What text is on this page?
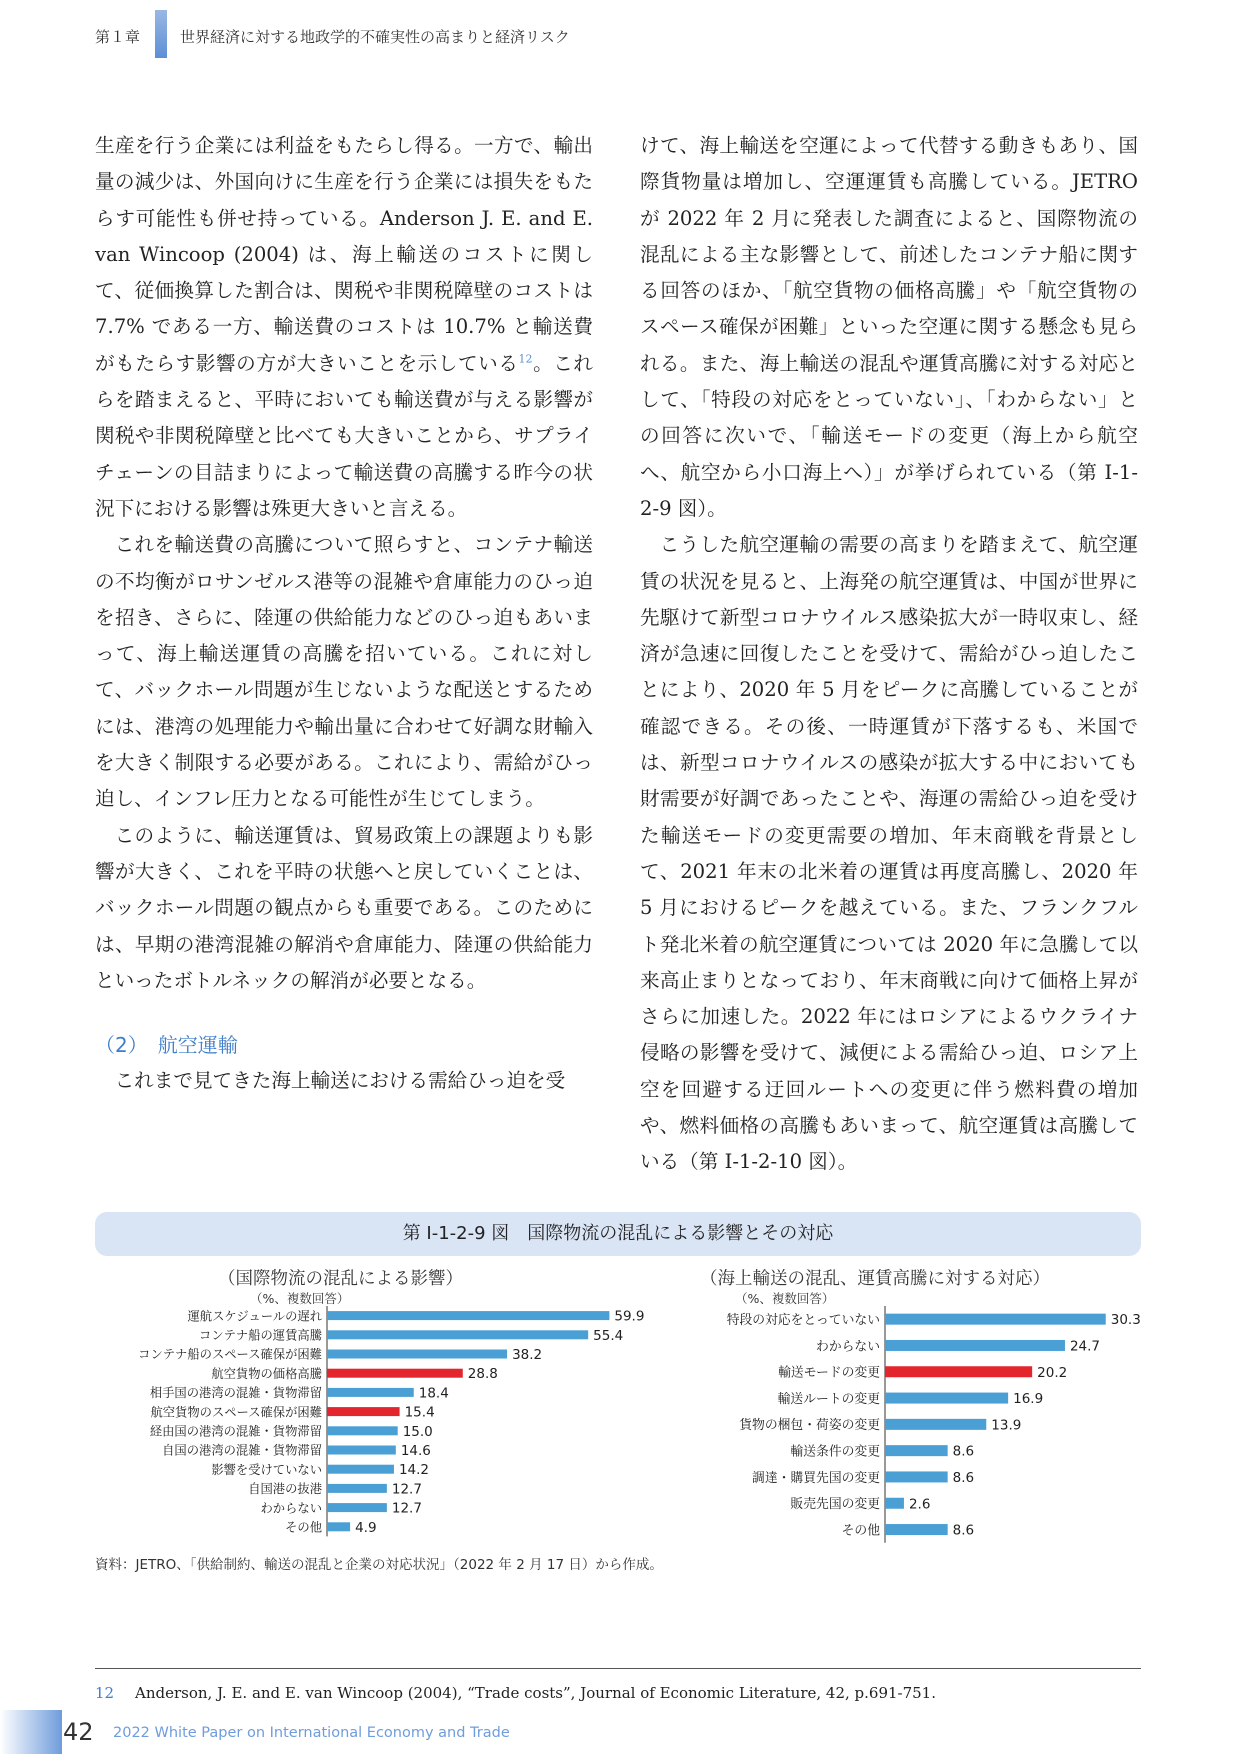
第１章	世界経済に対する地政学的不確実性の高まりと経済リスク

生産を行う企業には利益をもたらし得る。一方で、輸出量の減少は、外国向けに生産を行う企業には損失をもたらす可能性も併せ持っている。Anderson J. E. and E. van Wincoop (2004) は、海上輸送のコストに関して、従価換算した割合は、関税や非関税障壁のコストは 7.7% である一方、輸送費のコストは 10.7% と輸送費がもたらす影響の方が大きいことを示している$^{12}$。これらを踏まえると、平時においても輸送費が与える影響が関税や非関税障壁と比べても大きいことから、サプライチェーンの目詰まりによって輸送費の高騰する昨今の状況下における影響は殊更大きいと言える。

これを輸送費の高騰について照らすと、コンテナ輸送の不均衡がロサンゼルス港等の混雑や倉庫能力のひっ迫を招き、さらに、陸運の供給能力などのひっ迫もあいまって、海上輸送運賃の高騰を招いている。これに対して、バックホール問題が生じないような配送とするためには、港湾の処理能力や輸出量に合わせて好調な財輸入を大きく制限する必要がある。これにより、需給がひっ迫し、インフレ圧力となる可能性が生じてしまう。

このように、輸送運賃は、貿易政策上の課題よりも影響が大きく、これを平時の状態へと戻していくことは、バックホール問題の観点からも重要である。このためには、早期の港湾混雑の解消や倉庫能力、陸運の供給能力といったボトルネックの解消が必要となる。

（2）　航空運輸

これまで見てきた海上輸送における需給ひっ迫を受

けて、海上輸送を空運によって代替する動きもあり、国際貨物量は増加し、空運運賃も高騰している。JETRO が 2022 年 2 月に発表した調査によると、国際物流の混乱による主な影響として、前述したコンテナ船に関する回答のほか、「航空貨物の価格高騰」や「航空貨物のスペース確保が困難」といった空運に関する懸念も見られる。また、海上輸送の混乱や運賃高騰に対する対応として、「特段の対応をとっていない」、「わからない」との回答に次いで、「輸送モードの変更（海上から航空へ、航空から小口海上へ）」が挙げられている（第 I-1-2-9 図）。

こうした航空運輸の需要の高まりを踏まえて、航空運賃の状況を見ると、上海発の航空運賃は、中国が世界に先駆けて新型コロナウイルス感染拡大が一時収束し、経済が急速に回復したことを受けて、需給がひっ迫したことにより、2020 年 5 月をピークに高騰していることが確認できる。その後、一時運賃が下落するも、米国では、新型コロナウイルスの感染が拡大する中においても財需要が好調であったことや、海運の需給ひっ迫を受けた輸送モードの変更需要の増加、年末商戦を背景として、2021 年末の北米着の運賃は再度高騰し、2020 年 5 月におけるピークを越えている。また、フランクフルト発北米着の航空運賃については 2020 年に急騰して以来高止まりとなっており、年末商戦に向けて価格上昇がさらに加速した。2022 年にはロシアによるウクライナ侵略の影響を受けて、減便による需給ひっ迫、ロシア上空を回避する迂回ルートへの変更に伴う燃料費の増加や、燃料価格の高騰もあいまって、航空運賃は高騰している（第 I-1-2-10 図）。

第 I-1-2-9 図　国際物流の混乱による影響とその対応
（国際物流の混乱による影響）
（%、複数回答）
運航スケジュールの遅れ	59.9
コンテナ船の運賃高騰	55.4
コンテナ船のスペース確保が困難	38.2
航空貨物の価格高騰	28.8
相手国の港湾の混雑・貨物滞留	18.4
航空貨物のスペース確保が困難	15.4
経由国の港湾の混雑・貨物滞留	15.0
自国の港湾の混雑・貨物滞留	14.6
影響を受けていない	14.2
自国港の抜港	12.7
わからない	12.7
その他 4.9
（海上輸送の混乱、運賃高騰に対する対応）
（%、複数回答）
特段の対応をとっていない	30.3
わからない	24.7
輸送モードの変更	20.2
輸送ルートの変更	16.9
貨物の梱包・荷姿の変更	13.9
輸送条件の変更	8.6
調達・購買先国の変更	8.6
販売先国の変更 2.6
その他	8.6
資料：JETRO、「供給制約、輸送の混乱と企業の対応状況」（2022 年 2 月 17 日）から作成。
12 Anderson, J. E. and E. van Wincoop (2004), “Trade costs”, Journal of Economic Literature, 42, p.691-751.
42 2022 White Paper on International Economy and Trade
